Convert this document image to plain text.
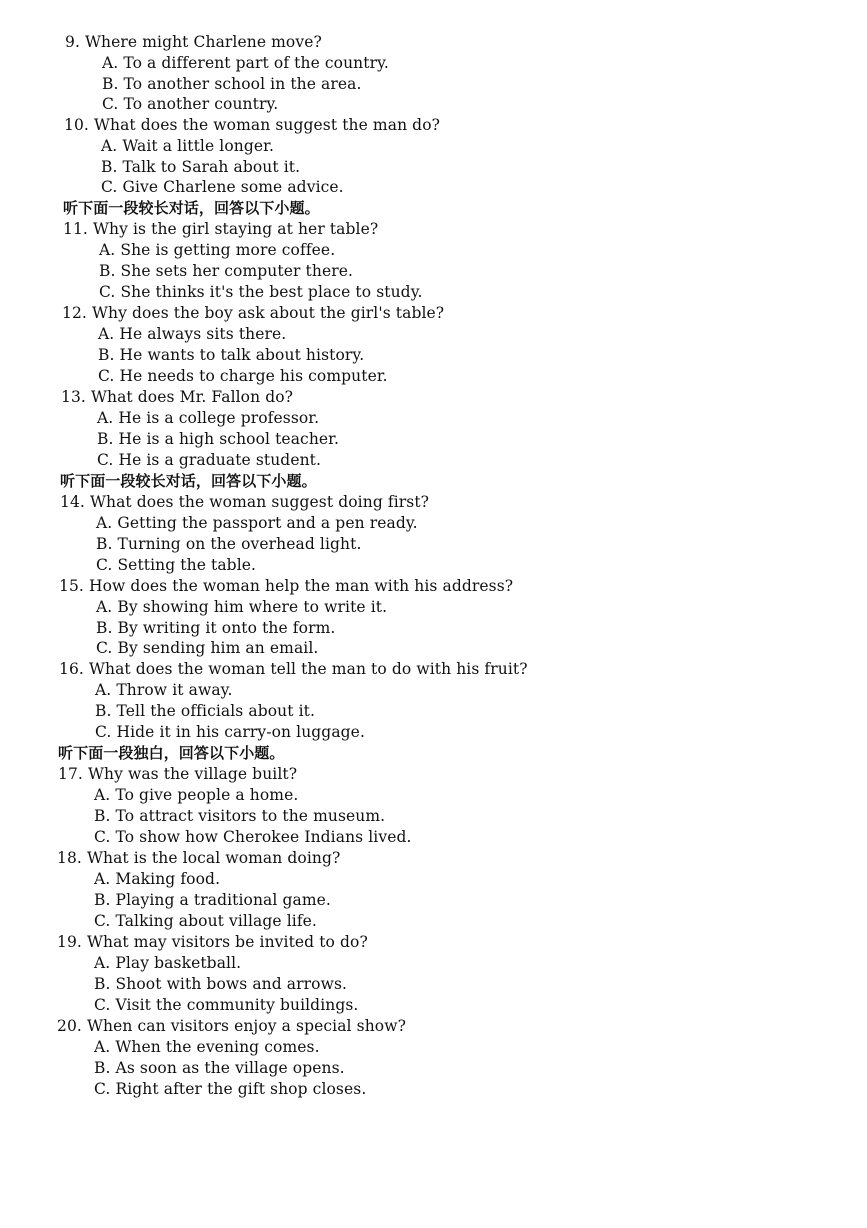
9. Where might Charlene move?
A. To a different part of the country.
B. To another school in the area.
C. To another country.
10. What does the woman suggest the man do?
A. Wait a little longer.
B. Talk to Sarah about it.
C. Give Charlene some advice.
听下面一段较长对话，回答以下小题。
11. Why is the girl staying at her table?
A. She is getting more coffee.
B. She sets her computer there.
C. She thinks it's the best place to study.
12. Why does the boy ask about the girl's table?
A. He always sits there.
B. He wants to talk about history.
C. He needs to charge his computer.
13. What does Mr. Fallon do?
A. He is a college professor.
B. He is a high school teacher.
C. He is a graduate student.
听下面一段较长对话，回答以下小题。
14. What does the woman suggest doing first?
A. Getting the passport and a pen ready.
B. Turning on the overhead light.
C. Setting the table.
15. How does the woman help the man with his address?
A. By showing him where to write it.
B. By writing it onto the form.
C. By sending him an email.
16. What does the woman tell the man to do with his fruit?
A. Throw it away.
B. Tell the officials about it.
C. Hide it in his carry-on luggage.
听下面一段独白，回答以下小题。
17. Why was the village built?
A. To give people a home.
B. To attract visitors to the museum.
C. To show how Cherokee Indians lived.
18. What is the local woman doing?
A. Making food.
B. Playing a traditional game.
C. Talking about village life.
19. What may visitors be invited to do?
A. Play basketball.
B. Shoot with bows and arrows.
C. Visit the community buildings.
20. When can visitors enjoy a special show?
A. When the evening comes.
B. As soon as the village opens.
C. Right after the gift shop closes.
